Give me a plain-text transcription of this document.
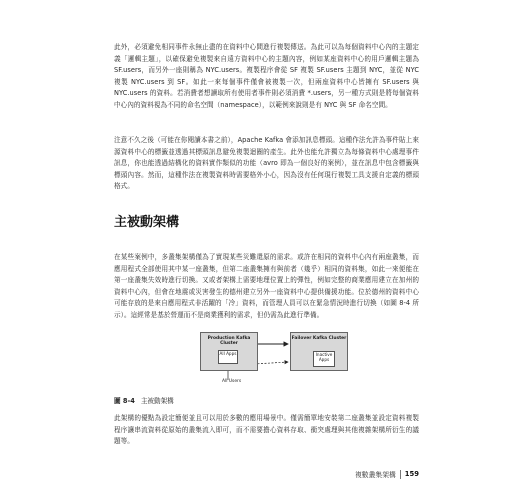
此外，必須避免相同事件永無止盡的在資料中心間進行複製傳送。為此可以為每個資料中心內的主題定義「邏輯主題」，以確保避免複製來自遠方資料中心的主題內容，例如某座資料中心的用戶邏輯主題為 SF.users，而另外一座則稱為 NYC.users。複製程序會從 SF 複製 SF.users 主題到 NYC，並從 NYC 複製 NYC.users 到 SF。如此一來每個事件僅會被複製一次，但兩座資料中心皆擁有 SF.users 與 NYC.users 的資料。若消費者想讀取所有使用者事件則必須消費 *.users，另一種方式則是將每個資料中心內的資料視為不同的命名空間（namespace），以範例來說則是有 NYC 與 SF 命名空間。

注意不久之後（可能在你閱讀本書之前），Apache Kafka 會添加訊息標頭。這種作法允許為事件貼上來源資料中心的標籤並透過其標頭訊息避免複製迴圈的產生。此外也能允許獨立為每條資料中心處理事件訊息，你也能透過結構化的資料實作類似的功能（avro 即為一個良好的案例），並在訊息中包含標籤與標頭內容。然而，這種作法在複製資料時需要格外小心，因為沒有任何現行複製工具支援自定義的標頭格式。

主被動架構

在某些案例中，多叢集架構僅為了實現某些災難還原的需求。或許在相同的資料中心內有兩座叢集，而應用程式全部使用其中某一座叢集，但第二座叢集擁有與前者（幾乎）相同的資料集，如此一來便能在第一座叢集失效時進行切換。又或者架構上需要地理位置上的彈性，例如完整的商業應用建立在加州的資料中心內，但會在地震或災害發生的德州建立另外一座資料中心提供備援功能。位於德州的資料中心可能存放的是來自應用程式非活躍的「冷」資料，而管理人員可以在緊急情況時進行切換（如圖 8-4 所示）。這經常是基於營運而不是商業獲利的需求，但仍需為此進行準備。

Production Kafka Cluster
All Apps
Failover Kafka Cluster
Inactive Apps
All Users
圖 8-4 主被動架構

此架構的優點為設定簡便並且可以用於多數的應用場景中。僅需簡單地安裝第二座叢集並設定資料複製程序讓串流資料從原始的叢集流入即可，而不需要擔心資料存取、衝突處理與其他複雜架構所衍生的議題等。

複數叢集架構 159
